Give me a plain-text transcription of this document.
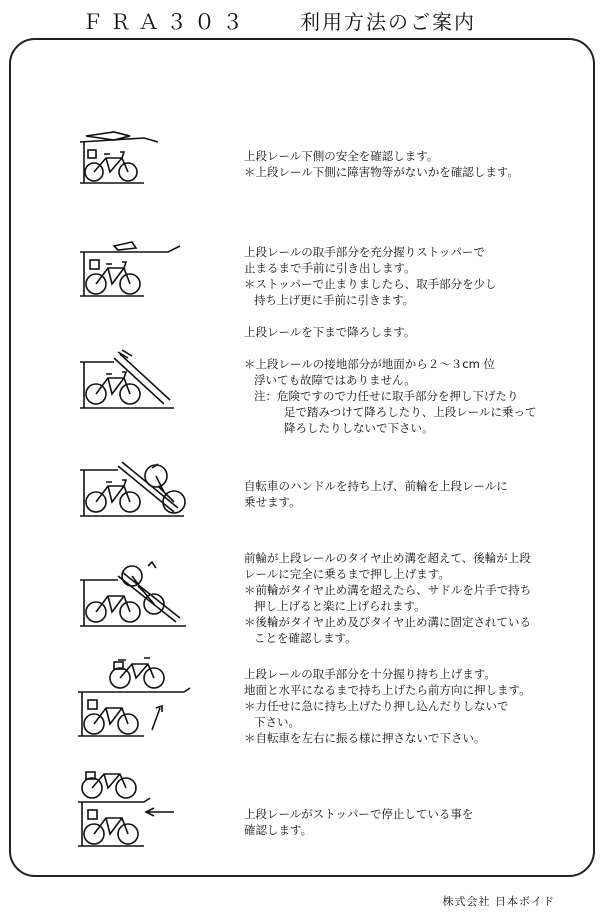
ＦＲＡ３０３	利用方法のご案内
上段レール下側の安全を確認します。
＊上段レール下側に障害物等がないかを確認します。
上段レールの取手部分を充分握りストッパーで
止まるまで手前に引き出します。
＊ストッパーで止まりましたら、取手部分を少し
持ち上げ更に手前に引きます。
上段レールを下まで降ろします。
＊上段レールの接地部分が地面から２～３cm 位
浮いても故障ではありません。
注：危険ですので力任せに取手部分を押し下げたり
足で踏みつけて降ろしたり、上段レールに乗って
降ろしたりしないで下さい。
自転車のハンドルを持ち上げ、前輪を上段レールに
乗せます。
前輪が上段レールのタイヤ止め溝を超えて、後輪が上段
レールに完全に乗るまで押し上げます。
＊前輪がタイヤ止め溝を超えたら、サドルを片手で持ち
押し上げると楽に上げられます。
＊後輪がタイヤ止め及びタイヤ止め溝に固定されている
ことを確認します。
上段レールの取手部分を十分握り持ち上げます。
地面と水平になるまで持ち上げたら前方向に押します。
＊力任せに急に持ち上げたり押し込んだりしないで
下さい。
＊自転車を左右に振る様に押さないで下さい。
上段レールがストッパーで停止している事を
確認します。
株式会社 日本ボイド
